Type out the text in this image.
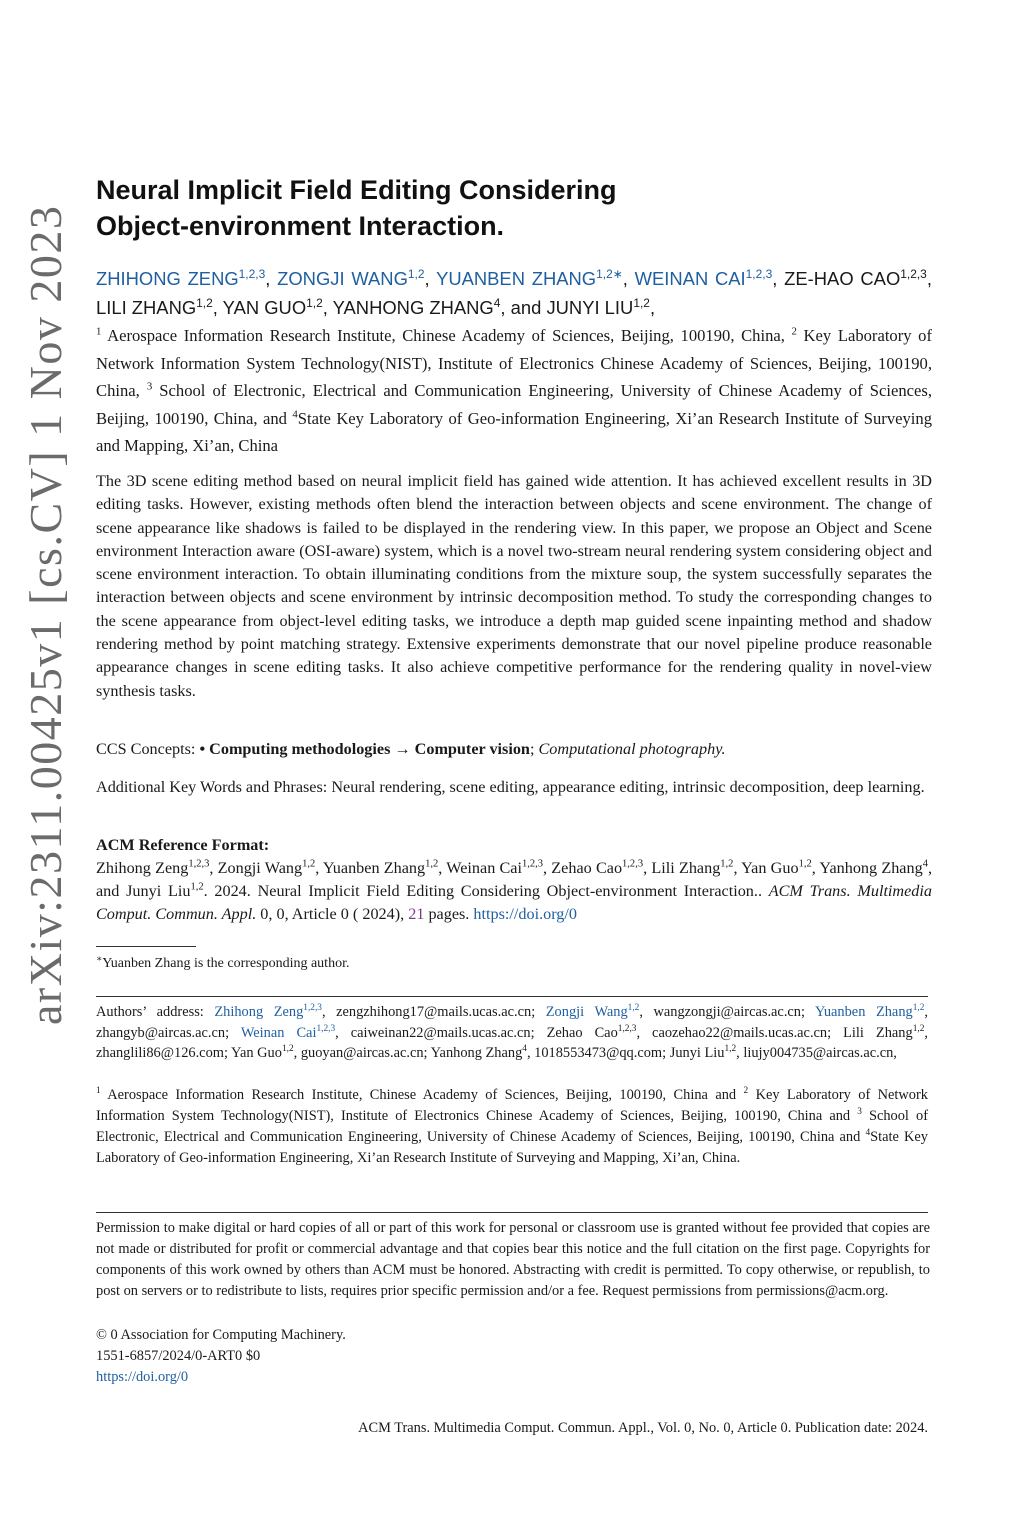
arXiv:2311.00425v1 [cs.CV] 1 Nov 2023
Neural Implicit Field Editing Considering
Object-environment Interaction.
ZHIHONG ZENG$^{1,2,3}$, ZONGJI WANG$^{1,2}$, YUANBEN $ZHANG^{1,2∗}$, WEINAN CAI$^{1,2,3}$, ZE-HAO CAO$^{1,2,3}$, LILI ZHANG$^{1,2}$, YAN GUO$^{1,2}$, YANHONG ZHANG$^4$, and JUNYI LIU$^{1,2}$,
$^1$ Aerospace Information Research Institute, Chinese Academy of Sciences, Beijing, 100190, China, $^2$ Key Laboratory of Network Information System Technology(NIST), Institute of Electronics Chinese Academy of Sciences, Beijing, 100190, China, $^3$ School of Electronic, Electrical and Communication Engineering, University of Chinese Academy of Sciences, Beijing, 100190, China, and $^4$State Key Laboratory of Geo-information Engineering, Xi’an Research Institute of Surveying and Mapping, Xi’an, China

The 3D scene editing method based on neural implicit field has gained wide attention. It has achieved excellent results in 3D editing tasks. However, existing methods often blend the interaction between objects and scene environment. The change of scene appearance like shadows is failed to be displayed in the rendering view. In this paper, we propose an Object and Scene environment Interaction aware (OSI-aware) system, which is a novel two-stream neural rendering system considering object and scene environment interaction. To obtain illuminating conditions from the mixture soup, the system successfully separates the interaction between objects and scene environment by intrinsic decomposition method. To study the corresponding changes to the scene appearance from object-level editing tasks, we introduce a depth map guided scene inpainting method and shadow rendering method by point matching strategy. Extensive experiments demonstrate that our novel pipeline produce reasonable appearance changes in scene editing tasks. It also achieve competitive performance for the rendering quality in novel-view synthesis tasks.

CCS Concepts: • Computing methodologies → Computer vision; Computational photography.

Additional Key Words and Phrases: Neural rendering, scene editing, appearance editing, intrinsic decomposition, deep learning.

ACM Reference Format:

Zhihong Zeng$^{1,2,3}$, Zongji Wang$^{1,2}$, Yuanben Zhang$^{1,2}$, Weinan Cai$^{1,2,3}$, Zehao Cao$^{1,2,3}$, Lili Zhang$^{1,2}$, Yan Guo$^{1,2}$, Yanhong Zhang$^4$, and Junyi Liu$^{1,2}$. 2024. Neural Implicit Field Editing Considering Object-environment Interaction.. ACM Trans. Multimedia Comput. Commun. Appl. 0, 0, Article 0 ( 2024), 21 pages. https://doi.org/0

∗Yuanben Zhang is the corresponding author.

Authors’ address: Zhihong Zeng$^{1,2,3}$, zengzhihong17@mails.ucas.ac.cn; Zongji Wang$^{1,2}$, wangzongji@aircas.ac.cn; Yuanben Zhang$^{1,2}$, zhangyb@aircas.ac.cn; Weinan Cai$^{1,2,3}$, caiweinan22@mails.ucas.ac.cn; Zehao Cao$^{1,2,3}$, caozehao22@mails.ucas.ac.cn; Lili Zhang$^{1,2}$, zhanglili86@126.com; Yan Guo$^{1,2}$, guoyan@aircas.ac.cn; Yanhong Zhang$^4$, 1018553473@qq.com; Junyi Liu$^{1,2}$, liujy004735@aircas.ac.cn,

$^1$ Aerospace Information Research Institute, Chinese Academy of Sciences, Beijing, 100190, China and $^2$ Key Laboratory of Network Information System Technology(NIST), Institute of Electronics Chinese Academy of Sciences, Beijing, 100190, China and $^3$ School of Electronic, Electrical and Communication Engineering, University of Chinese Academy of Sciences, Beijing, 100190, China and $^4$State Key Laboratory of Geo-information Engineering, Xi’an Research Institute of Surveying and Mapping, Xi’an, China.

Permission to make digital or hard copies of all or part of this work for personal or classroom use is granted without fee provided that copies are not made or distributed for profit or commercial advantage and that copies bear this notice and the full citation on the first page. Copyrights for components of this work owned by others than ACM must be honored. Abstracting with credit is permitted. To copy otherwise, or republish, to post on servers or to redistribute to lists, requires prior specific permission and/or a fee. Request permissions from permissions@acm.org.

© 0 Association for Computing Machinery.
1551-6857/2024/0-ART0 $0
https://doi.org/0

ACM Trans. Multimedia Comput. Commun. Appl., Vol. 0, No. 0, Article 0. Publication date: 2024.
